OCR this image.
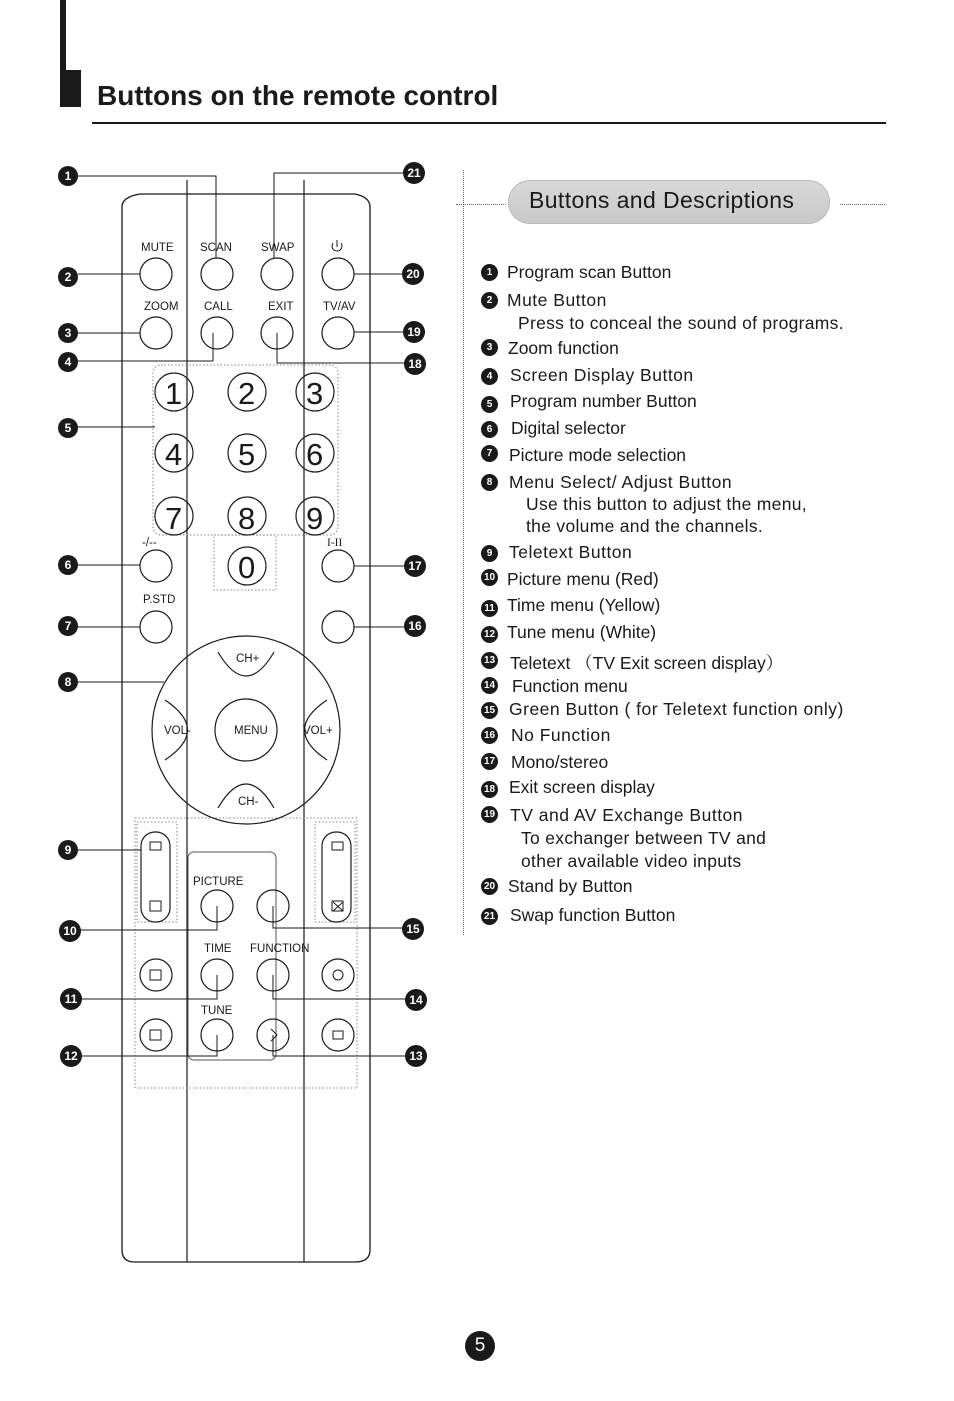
Buttons on the remote control
MUTE SCAN	SWAP
ZOOM CALL	EXIT	TV/AV
-/--	I-II
P.STD
CH+
CH-
VOL-	VOL+
MENU
PICTURE
TIME FUNCTION
TUNE
1 2 3
4 5 6
7 8 9
0
1
2
3
4
5
6
7
8
9
10
11
12	13
14
15
16
17
18
19
20
21
Buttons and Descriptions
1 Program scan Button
2 Mute Button
Press to conceal the sound of programs.
3 Zoom function
4	Screen Display Button
5	Program number Button
6	Digital selector
7 Picture mode selection
8 Menu Select/ Adjust Button
Use this button to adjust the menu,
the volume and the channels.
9 Teletext Button
10 Picture menu (Red)
11 Time menu (Yellow)
12 Tune menu (White)
13 Teletext （TV Exit screen display）
14 Function menu
15 Green Button ( for Teletext function only)
16 No Function
17 Mono/stereo
18 Exit screen display
19 TV and AV Exchange Button
To exchanger between TV and
other available video inputs
20 Stand by Button
21 Swap function Button
5
